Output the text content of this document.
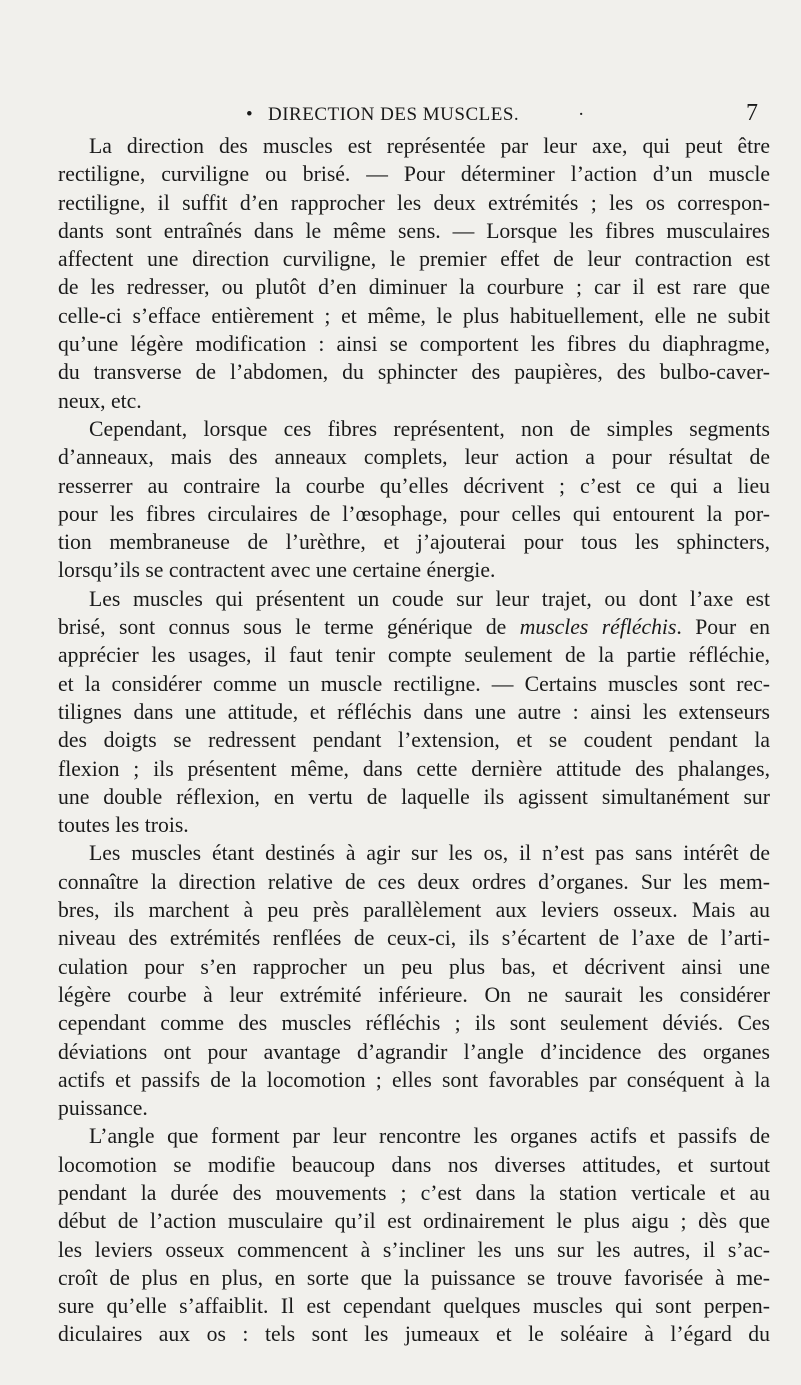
• DIRECTION DES MUSCLES.	·	7
La direction des muscles est représentée par leur axe, qui peut être
rectiligne, curviligne ou brisé. — Pour déterminer l’action d’un muscle
rectiligne, il suffit d’en rapprocher les deux extrémités ; les os correspon-
dants sont entraînés dans le même sens. — Lorsque les fibres musculaires
affectent une direction curviligne, le premier effet de leur contraction est
de les redresser, ou plutôt d’en diminuer la courbure ; car il est rare que
celle-ci s’efface entièrement ; et même, le plus habituellement, elle ne subit
qu’une légère modification : ainsi se comportent les fibres du diaphragme,
du transverse de l’abdomen, du sphincter des paupières, des bulbo-caver-
neux, etc.
Cependant, lorsque ces fibres représentent, non de simples segments
d’anneaux, mais des anneaux complets, leur action a pour résultat de
resserrer au contraire la courbe qu’elles décrivent ; c’est ce qui a lieu
pour les fibres circulaires de l’œsophage, pour celles qui entourent la por-
tion membraneuse de l’urèthre, et j’ajouterai pour tous les sphincters,
lorsqu’ils se contractent avec une certaine énergie.
Les muscles qui présentent un coude sur leur trajet, ou dont l’axe est
brisé, sont connus sous le terme générique de muscles réfléchis. Pour en
apprécier les usages, il faut tenir compte seulement de la partie réfléchie,
et la considérer comme un muscle rectiligne. — Certains muscles sont rec-
tilignes dans une attitude, et réfléchis dans une autre : ainsi les extenseurs
des doigts se redressent pendant l’extension, et se coudent pendant la
flexion ; ils présentent même, dans cette dernière attitude des phalanges,
une double réflexion, en vertu de laquelle ils agissent simultanément sur
toutes les trois.
Les muscles étant destinés à agir sur les os, il n’est pas sans intérêt de
connaître la direction relative de ces deux ordres d’organes. Sur les mem-
bres, ils marchent à peu près parallèlement aux leviers osseux. Mais au
niveau des extrémités renflées de ceux-ci, ils s’écartent de l’axe de l’arti-
culation pour s’en rapprocher un peu plus bas, et décrivent ainsi une
légère courbe à leur extrémité inférieure. On ne saurait les considérer
cependant comme des muscles réfléchis ; ils sont seulement déviés. Ces
déviations ont pour avantage d’agrandir l’angle d’incidence des organes
actifs et passifs de la locomotion ; elles sont favorables par conséquent à la
puissance.
L’angle que forment par leur rencontre les organes actifs et passifs de
locomotion se modifie beaucoup dans nos diverses attitudes, et surtout
pendant la durée des mouvements ; c’est dans la station verticale et au
début de l’action musculaire qu’il est ordinairement le plus aigu ; dès que
les leviers osseux commencent à s’incliner les uns sur les autres, il s’ac-
croît de plus en plus, en sorte que la puissance se trouve favorisée à me-
sure qu’elle s’affaiblit. Il est cependant quelques muscles qui sont perpen-
diculaires aux os : tels sont les jumeaux et le soléaire à l’égard du
